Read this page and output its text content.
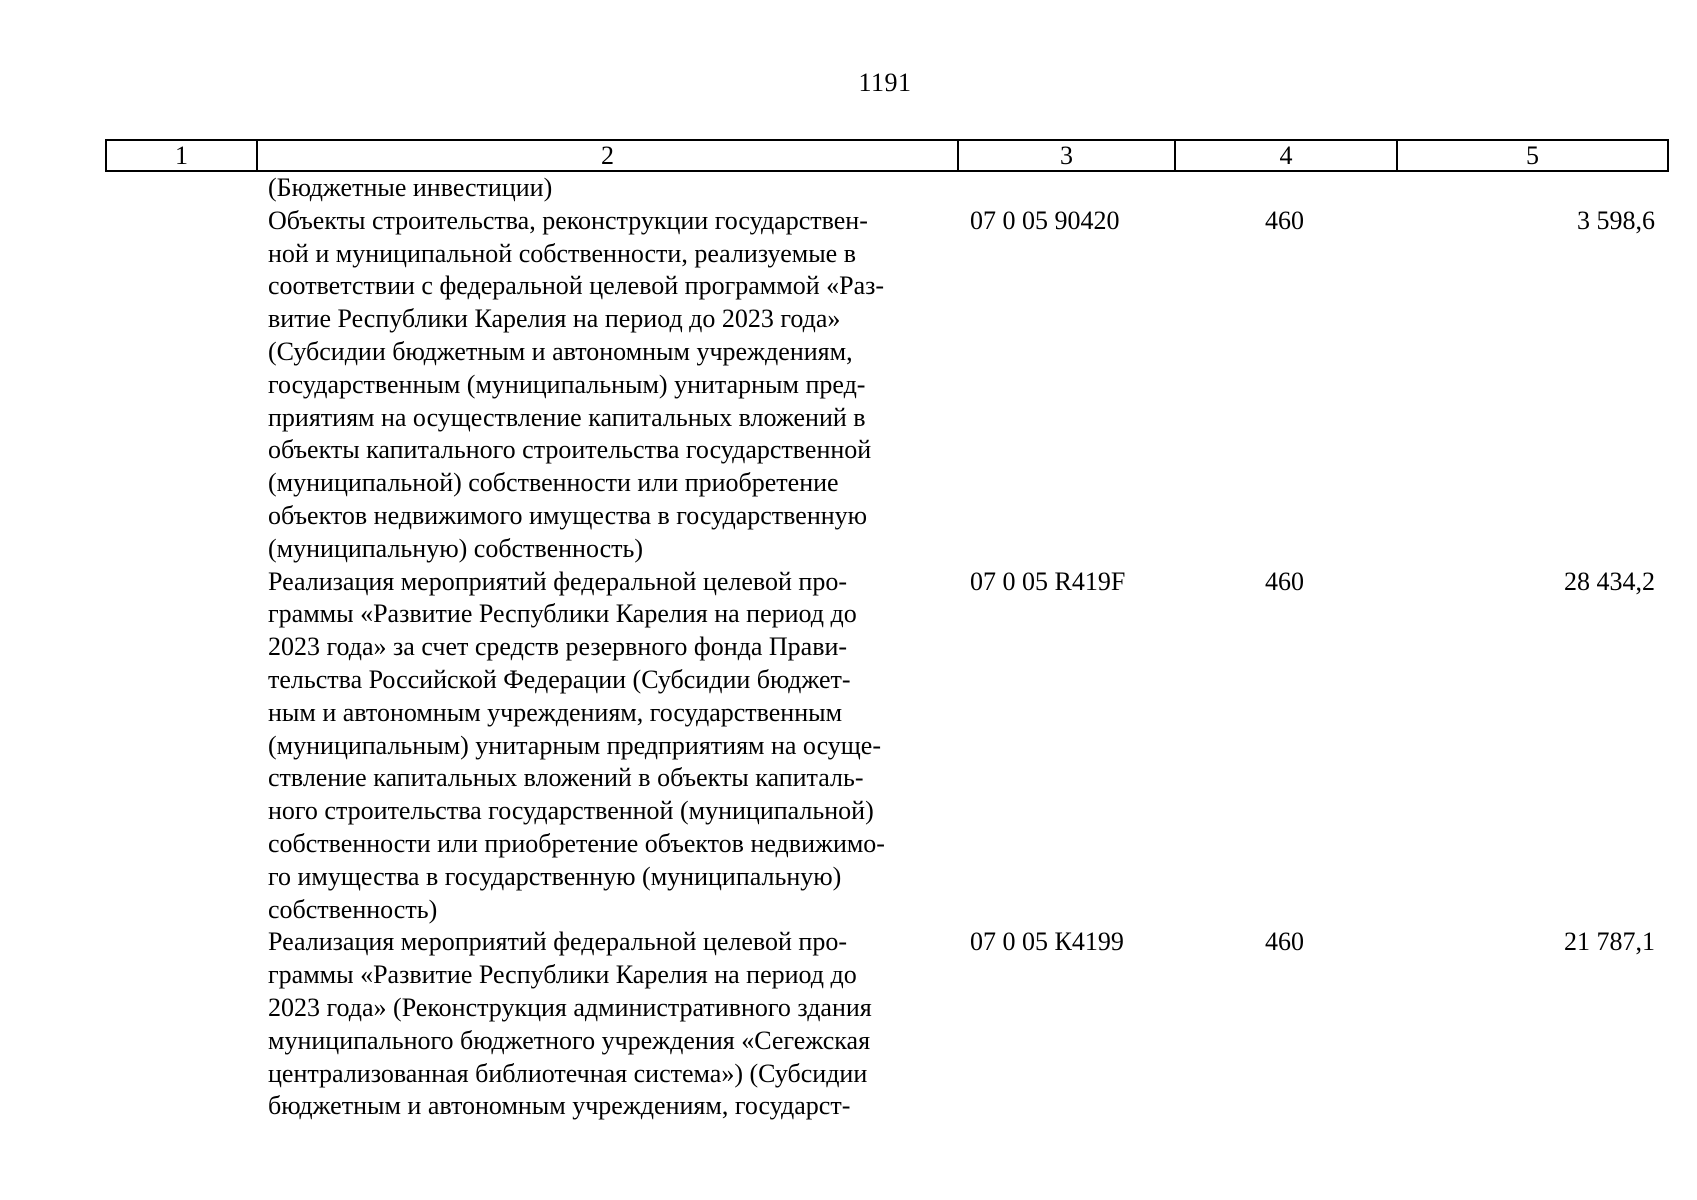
1191
1	2	3	4	5
(Бюджетные инвестиции)
Объекты строительства, реконструкции государствен-
ной и муниципальной собственности, реализуемые в
соответствии с федеральной целевой программой «Раз-
витие Республики Карелия на период до 2023 года»
(Субсидии бюджетным и автономным учреждениям,
государственным (муниципальным) унитарным пред-
приятиям на осуществление капитальных вложений в
объекты капитального строительства государственной
(муниципальной) собственности или приобретение
объектов недвижимого имущества в государственную
(муниципальную) собственность)
07 0 05 90420	460	3 598,6
Реализация мероприятий федеральной целевой про-
граммы «Развитие Республики Карелия на период до
2023 года» за счет средств резервного фонда Прави-
тельства Российской Федерации (Субсидии бюджет-
ным и автономным учреждениям, государственным
(муниципальным) унитарным предприятиям на осуще-
ствление капитальных вложений в объекты капиталь-
ного строительства государственной (муниципальной)
собственности или приобретение объектов недвижимо-
го имущества в государственную (муниципальную)
собственность)
07 0 05 R419F	460	28 434,2
Реализация мероприятий федеральной целевой про-
граммы «Развитие Республики Карелия на период до
2023 года» (Реконструкция административного здания
муниципального бюджетного учреждения «Сегежская
централизованная библиотечная система») (Субсидии
бюджетным и автономным учреждениям, государст-
07 0 05 К4199	460	21 787,1
